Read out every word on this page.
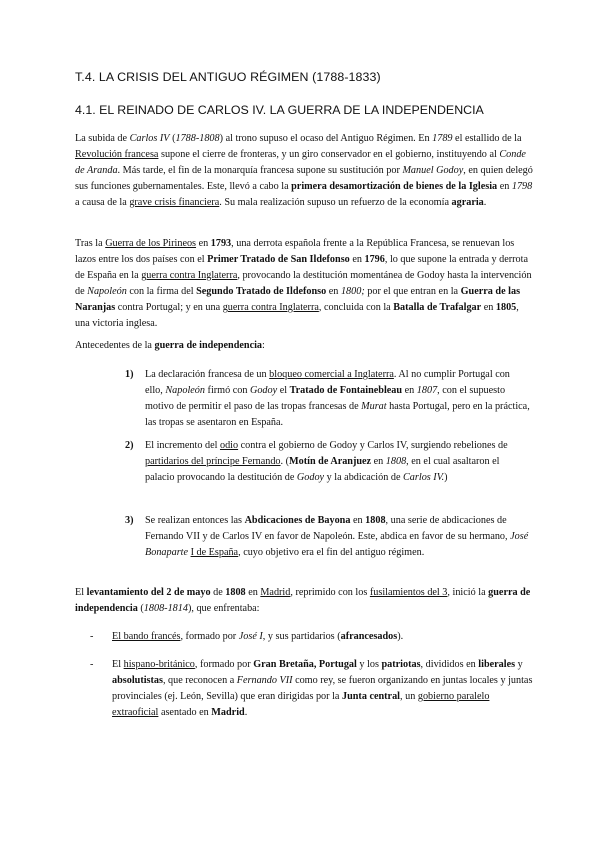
T.4. LA CRISIS DEL ANTIGUO RÉGIMEN (1788-1833)
4.1. EL REINADO DE CARLOS IV. LA GUERRA DE LA INDEPENDENCIA

La subida de Carlos IV (1788-1808) al trono supuso el ocaso del Antiguo Régimen. En 1789 el estallido de la Revolución francesa supone el cierre de fronteras, y un giro conservador en el gobierno, instituyendo al Conde de Aranda. Más tarde, el fin de la monarquía francesa supone su sustitución por Manuel Godoy, en quien delegó sus funciones gubernamentales. Este, llevó a cabo la primera desamortización de bienes de la Iglesia en 1798 a causa de la grave crisis financiera. Su mala realización supuso un refuerzo de la economía agraria.

Tras la Guerra de los Pirineos en 1793, una derrota española frente a la República Francesa, se renuevan los lazos entre los dos países con el Primer Tratado de San Ildefonso en 1796, lo que supone la entrada y derrota de España en la guerra contra Inglaterra, provocando la destitución momentánea de Godoy hasta la intervención de Napoleón con la firma del Segundo Tratado de Ildefonso en 1800; por el que entran en la Guerra de las Naranjas contra Portugal; y en una guerra contra Inglaterra, concluida con la Batalla de Trafalgar en 1805, una victoria inglesa.

Antecedentes de la guerra de independencia:

1) La declaración francesa de un bloqueo comercial a Inglaterra. Al no cumplir Portugal con ello, Napoleón firmó con Godoy el Tratado de Fontainebleau en 1807, con el supuesto motivo de permitir el paso de las tropas francesas de Murat hasta Portugal, pero en la práctica, las tropas se asentaron en España.

2) El incremento del odio contra el gobierno de Godoy y Carlos IV, surgiendo rebeliones de partidarios del príncipe Fernando. (Motín de Aranjuez en 1808, en el cual asaltaron el palacio provocando la destitución de Godoy y la abdicación de Carlos IV.)

3) Se realizan entonces las Abdicaciones de Bayona en 1808, una serie de abdicaciones de Fernando VII y de Carlos IV en favor de Napoleón. Este, abdica en favor de su hermano, José Bonaparte I de España, cuyo objetivo era el fin del antiguo régimen.

El levantamiento del 2 de mayo de 1808 en Madrid, reprimido con los fusilamientos del 3, inició la guerra de independencia (1808-1814), que enfrentaba:

- El bando francés, formado por José I, y sus partidarios (afrancesados).

- El hispano-británico, formado por Gran Bretaña, Portugal y los patriotas, divididos en liberales y absolutistas, que reconocen a Fernando VII como rey, se fueron organizando en juntas locales y juntas provinciales (ej. León, Sevilla) que eran dirigidas por la Junta central, un gobierno paralelo extraoficial asentado en Madrid.
